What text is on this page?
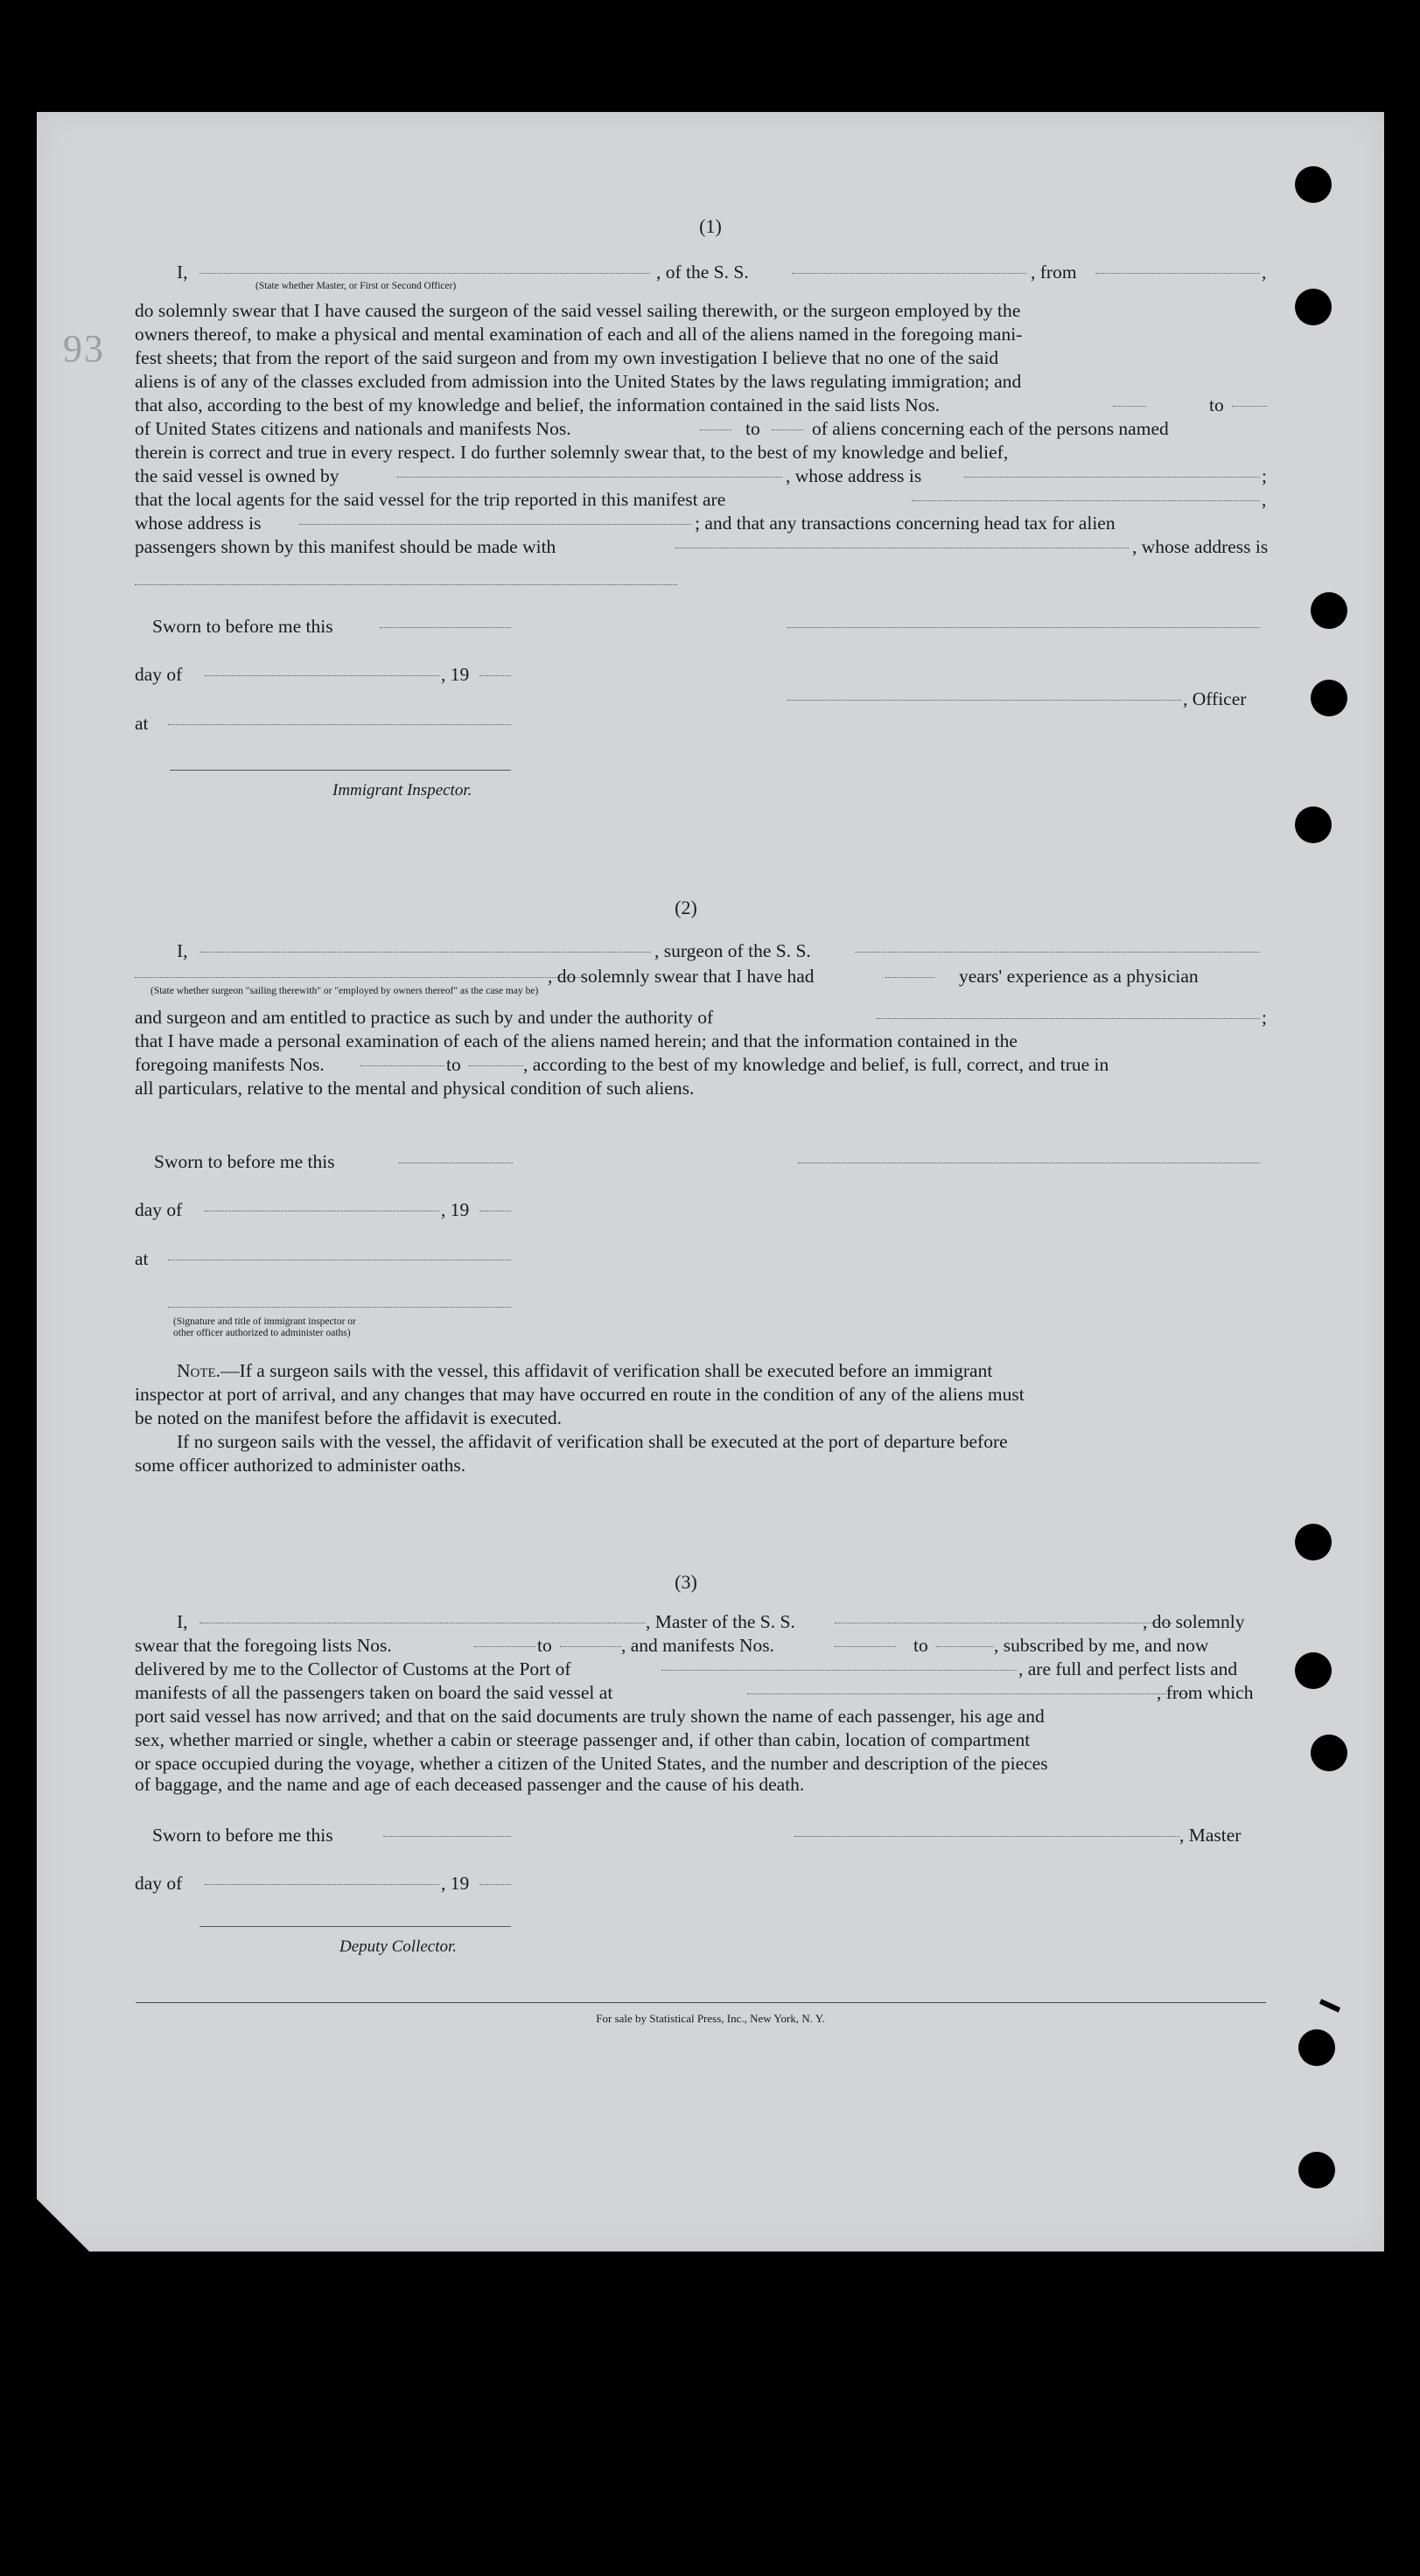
93
(1)
I,	, of the S. S.	, from	,
(State whether Master, or First or Second Officer)
do solemnly swear that I have caused the surgeon of the said vessel sailing therewith, or the surgeon employed by the
owners thereof, to make a physical and mental examination of each and all of the aliens named in the foregoing mani-
fest sheets; that from the report of the said surgeon and from my own investigation I believe that no one of the said
aliens is of any of the classes excluded from admission into the United States by the laws regulating immigration; and
that also, according to the best of my knowledge and belief, the information contained in the said lists Nos.	to
of United States citizens and nationals and manifests Nos.	to	of aliens concerning each of the persons named
therein is correct and true in every respect. I do further solemnly swear that, to the best of my knowledge and belief,
the said vessel is owned by	, whose address is	;
that the local agents for the said vessel for the trip reported in this manifest are	,
whose address is	; and that any transactions concerning head tax for alien
passengers shown by this manifest should be made with	, whose address is
Sworn to before me this
day of	, 19
, Officer
at
Immigrant Inspector.
(2)
I,	, surgeon of the S. S.
, do solemnly swear that I have had	years' experience as a physician
(State whether surgeon "sailing therewith" or "employed by owners thereof" as the case may be)
and surgeon and am entitled to practice as such by and under the authority of	;
that I have made a personal examination of each of the aliens named herein; and that the information contained in the
foregoing manifests Nos.	to	, according to the best of my knowledge and belief, is full, correct, and true in
all particulars, relative to the mental and physical condition of such aliens.
Sworn to before me this
day of	, 19
at
(Signature and title of immigrant inspector or
other officer authorized to administer oaths)
Note.—If a surgeon sails with the vessel, this affidavit of verification shall be executed before an immigrant
inspector at port of arrival, and any changes that may have occurred en route in the condition of any of the aliens must
be noted on the manifest before the affidavit is executed.
If no surgeon sails with the vessel, the affidavit of verification shall be executed at the port of departure before
some officer authorized to administer oaths.
(3)
I,	, Master of the S. S.	, do solemnly
swear that the foregoing lists Nos.	to	, and manifests Nos.	to	, subscribed by me, and now
delivered by me to the Collector of Customs at the Port of	, are full and perfect lists and
manifests of all the passengers taken on board the said vessel at	, from which
port said vessel has now arrived; and that on the said documents are truly shown the name of each passenger, his age and
sex, whether married or single, whether a cabin or steerage passenger and, if other than cabin, location of compartment
or space occupied during the voyage, whether a citizen of the United States, and the number and description of the pieces
of baggage, and the name and age of each deceased passenger and the cause of his death.
Sworn to before me this	, Master
day of	, 19
Deputy Collector.
For sale by Statistical Press, Inc., New York, N. Y.
